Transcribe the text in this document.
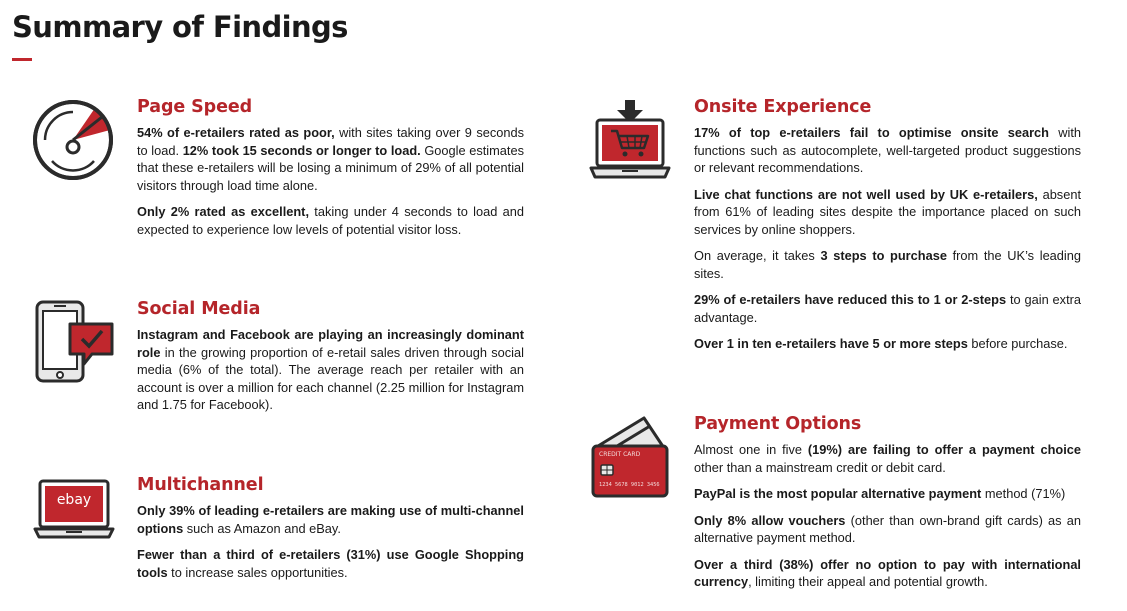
Summary of Findings
Page Speed

54% of e-retailers rated as poor, with sites taking over 9 seconds to load. 12% took 15 seconds or longer to load. Google estimates that these e-retailers will be losing a minimum of 29% of all potential visitors through load time alone.

Only 2% rated as excellent, taking under 4 seconds to load and expected to experience low levels of potential visitor loss.

Social Media

Instagram and Facebook are playing an increasingly dominant role in the growing proportion of e-retail sales driven through social media (6% of the total). The average reach per retailer with an account is over a million for each channel (2.25 million for Instagram and 1.75 for Facebook).

ebay
Multichannel

Only 39% of leading e-retailers are making use of multi-channel options such as Amazon and eBay.

Fewer than a third of e-retailers (31%) use Google Shopping tools to increase sales opportunities.

Onsite Experience

17% of top e-retailers fail to optimise onsite search with functions such as autocomplete, well-targeted product suggestions or relevant recommendations.

Live chat functions are not well used by UK e-retailers, absent from 61% of leading sites despite the importance placed on such services by online shoppers.

On average, it takes 3 steps to purchase from the UK’s leading sites.

29% of e-retailers have reduced this to 1 or 2-steps to gain extra advantage.

Over 1 in ten e-retailers have 5 or more steps before purchase.

CREDIT CARD
1234 5678 9012 3456
Payment Options

Almost one in five (19%) are failing to offer a payment choice other than a mainstream credit or debit card.

PayPal is the most popular alternative payment method (71%)

Only 8% allow vouchers (other than own-brand gift cards) as an alternative payment method.

Over a third (38%) offer no option to pay with international currency, limiting their appeal and potential growth.
